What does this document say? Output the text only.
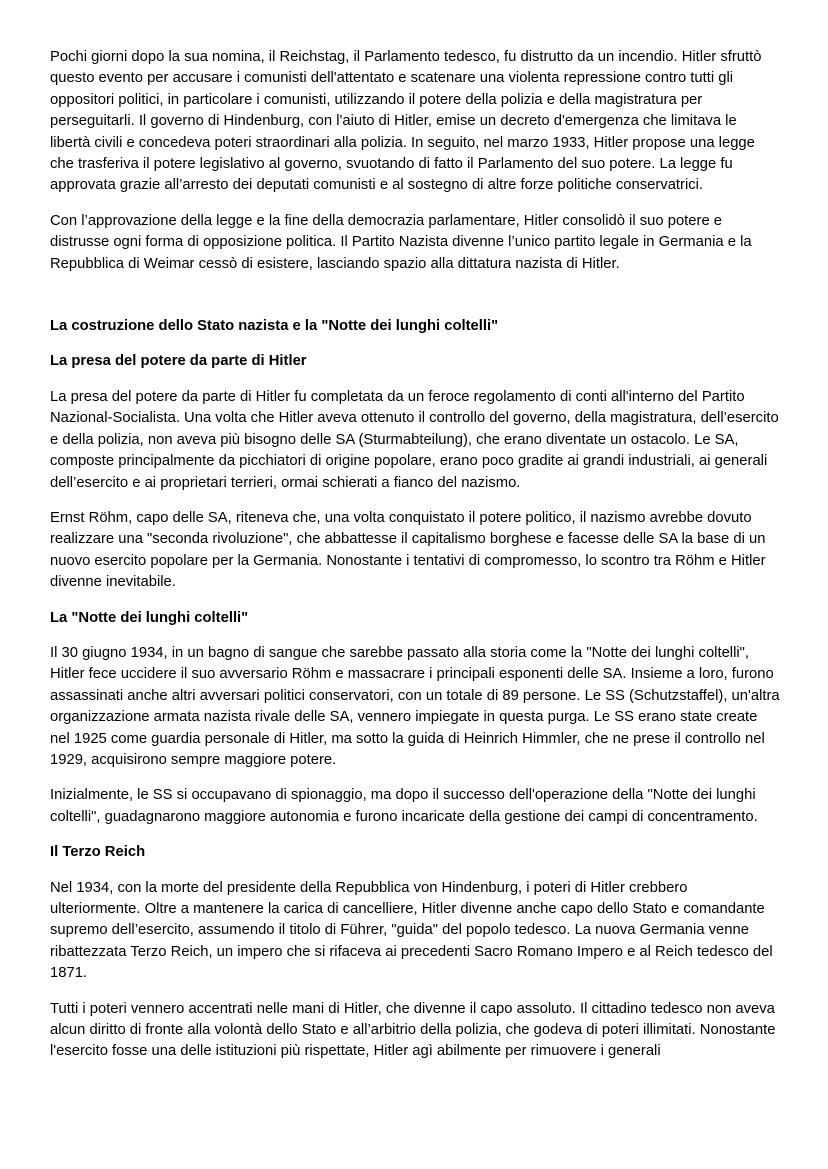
Pochi giorni dopo la sua nomina, il Reichstag, il Parlamento tedesco, fu distrutto da un incendio. Hitler sfruttò questo evento per accusare i comunisti dell'attentato e scatenare una violenta repressione contro tutti gli oppositori politici, in particolare i comunisti, utilizzando il potere della polizia e della magistratura per perseguitarli. Il governo di Hindenburg, con l'aiuto di Hitler, emise un decreto d'emergenza che limitava le libertà civili e concedeva poteri straordinari alla polizia. In seguito, nel marzo 1933, Hitler propose una legge che trasferiva il potere legislativo al governo, svuotando di fatto il Parlamento del suo potere. La legge fu approvata grazie all’arresto dei deputati comunisti e al sostegno di altre forze politiche conservatrici.

Con l’approvazione della legge e la fine della democrazia parlamentare, Hitler consolidò il suo potere e distrusse ogni forma di opposizione politica. Il Partito Nazista divenne l’unico partito legale in Germania e la Repubblica di Weimar cessò di esistere, lasciando spazio alla dittatura nazista di Hitler.

La costruzione dello Stato nazista e la "Notte dei lunghi coltelli"
La presa del potere da parte di Hitler

La presa del potere da parte di Hitler fu completata da un feroce regolamento di conti all'interno del Partito Nazional-Socialista. Una volta che Hitler aveva ottenuto il controllo del governo, della magistratura, dell’esercito e della polizia, non aveva più bisogno delle SA (Sturmabteilung), che erano diventate un ostacolo. Le SA, composte principalmente da picchiatori di origine popolare, erano poco gradite ai grandi industriali, ai generali dell’esercito e ai proprietari terrieri, ormai schierati a fianco del nazismo.

Ernst Röhm, capo delle SA, riteneva che, una volta conquistato il potere politico, il nazismo avrebbe dovuto realizzare una "seconda rivoluzione", che abbattesse il capitalismo borghese e facesse delle SA la base di un nuovo esercito popolare per la Germania. Nonostante i tentativi di compromesso, lo scontro tra Röhm e Hitler divenne inevitabile.

La "Notte dei lunghi coltelli"

Il 30 giugno 1934, in un bagno di sangue che sarebbe passato alla storia come la "Notte dei lunghi coltelli", Hitler fece uccidere il suo avversario Röhm e massacrare i principali esponenti delle SA. Insieme a loro, furono assassinati anche altri avversari politici conservatori, con un totale di 89 persone. Le SS (Schutzstaffel), un'altra organizzazione armata nazista rivale delle SA, vennero impiegate in questa purga. Le SS erano state create nel 1925 come guardia personale di Hitler, ma sotto la guida di Heinrich Himmler, che ne prese il controllo nel 1929, acquisirono sempre maggiore potere.

Inizialmente, le SS si occupavano di spionaggio, ma dopo il successo dell'operazione della "Notte dei lunghi coltelli", guadagnarono maggiore autonomia e furono incaricate della gestione dei campi di concentramento.

Il Terzo Reich

Nel 1934, con la morte del presidente della Repubblica von Hindenburg, i poteri di Hitler crebbero ulteriormente. Oltre a mantenere la carica di cancelliere, Hitler divenne anche capo dello Stato e comandante supremo dell’esercito, assumendo il titolo di Führer, "guida" del popolo tedesco. La nuova Germania venne ribattezzata Terzo Reich, un impero che si rifaceva ai precedenti Sacro Romano Impero e al Reich tedesco del 1871.

Tutti i poteri vennero accentrati nelle mani di Hitler, che divenne il capo assoluto. Il cittadino tedesco non aveva alcun diritto di fronte alla volontà dello Stato e all’arbitrio della polizia, che godeva di poteri illimitati. Nonostante l'esercito fosse una delle istituzioni più rispettate, Hitler agì abilmente per rimuovere i generali
